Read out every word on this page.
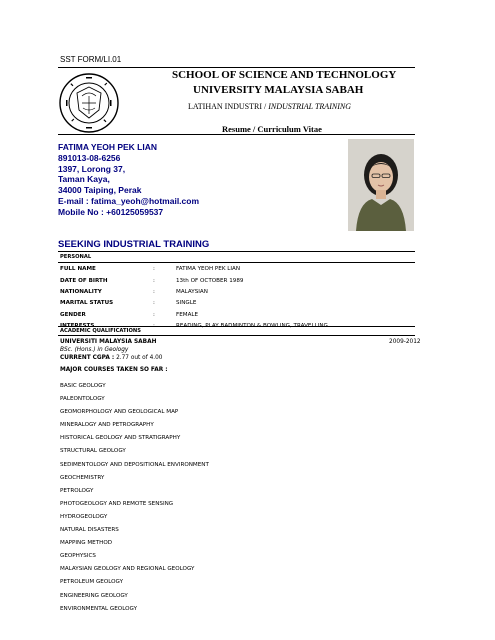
SST FORM/LI.01
SCHOOL OF SCIENCE AND TECHNOLOGY
UNIVERSITY MALAYSIA SABAH
LATIHAN INDUSTRI / INDUSTRIAL TRAINING
Resume / Curriculum Vitae
FATIMA YEOH PEK LIAN
891013-08-6256
1397, Lorong 37,
Taman Kaya,
34000 Taiping, Perak
E-mail : fatima_yeoh@hotmail.com
Mobile No : +60125059537
SEEKING INDUSTRIAL TRAINING
PERSONAL
FULL NAME	:	FATIMA YEOH PEK LIAN
DATE OF BIRTH	:	13th OF OCTOBER 1989
NATIONALITY	:	MALAYSIAN
MARITAL STATUS	:	SINGLE
GENDER	:	FEMALE
INTERESTS	:	READING, PLAY BADMINTON & BOWLING, TRAVELLING
ACADEMIC QUALIFICATIONS
UNIVERSITI MALAYSIA SABAH	2009-2012
BSc. (Hons.) in Geology
CURRENT CGPA : 2.77 out of 4.00
MAJOR COURSES TAKEN SO FAR :
BASIC GEOLOGY
PALEONTOLOGY
GEOMORPHOLOGY AND GEOLOGICAL MAP
MINERALOGY AND PETROGRAPHY
HISTORICAL GEOLOGY AND STRATIGRAPHY
STRUCTURAL GEOLOGY
SEDIMENTOLOGY AND DEPOSITIONAL ENVIRONMENT
GEOCHEMISTRY
PETROLOGY
PHOTOGEOLOGY AND REMOTE SENSING
HYDROGEOLOGY
NATURAL DISASTERS
MAPPING METHOD
GEOPHYSICS
MALAYSIAN GEOLOGY AND REGIONAL GEOLOGY
PETROLEUM GEOLOGY
ENGINEERING GEOLOGY
ENVIRONMENTAL GEOLOGY
